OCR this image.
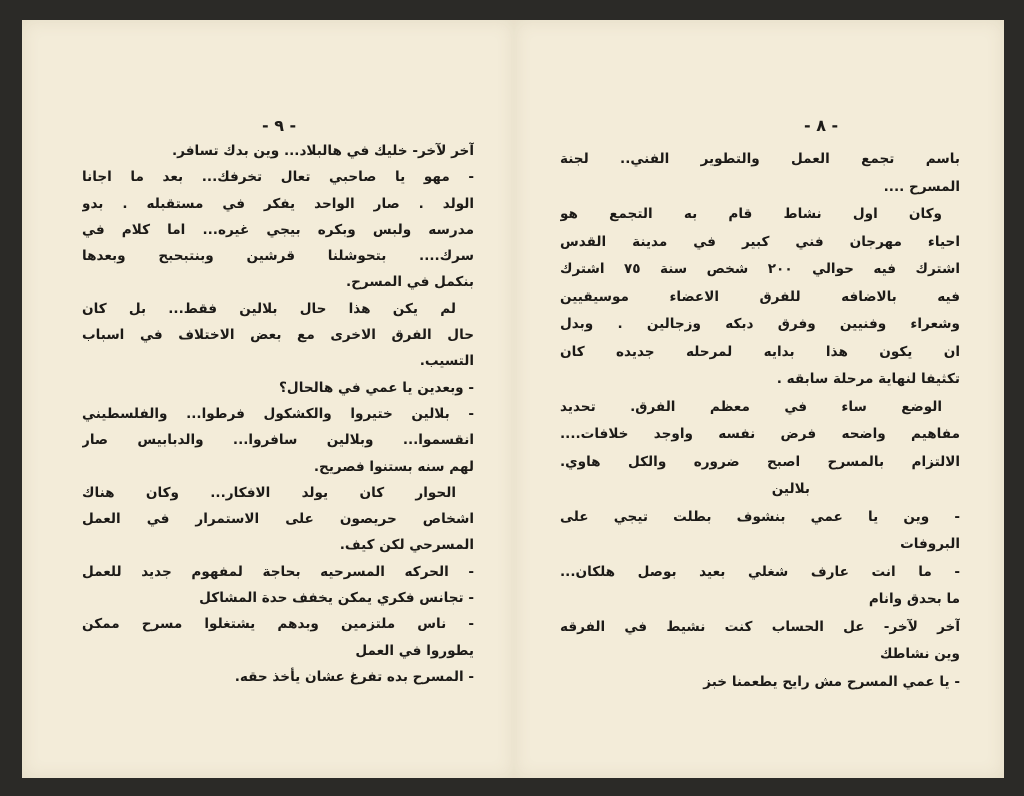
- ٩ -
آخر لآخر- خليك في هالبلاد... وين بدك تسافر.
- مهو يا صاحبي تعال تخرفك... بعد ما اجانا
الولد . صار الواحد يفكر في مستقبله . بدو
مدرسه ولبس وبكره بيجي غيره... اما كلام في
سرك.... بتحوشلنا قرشين وبنتبحبح وبعدها
بنكمل في المسرح.
لم يكن هذا حال بلالين فقط... بل كان
حال الفرق الاخرى مع بعض الاختلاف في اسباب
التسيب.
- وبعدين يا عمي في هالحال؟
- بلالين ختيروا والكشكول فرطوا... والفلسطيني
انقسموا... وبلالين سافروا... والدبابيس صار
لهم سنه بستنوا فصريح.
الحوار كان يولد الافكار... وكان هناك
اشخاص حريصون على الاستمرار في العمل
المسرحي لكن كيف.
- الحركه المسرحيه بحاجة لمفهوم جديد للعمل
- تجانس فكري يمكن يخفف حدة المشاكل
- ناس ملتزمين وبدهم يشتغلوا مسرح ممكن
يطوروا في العمل
- المسرح بده تفرغ عشان يأخذ حقه.
- ٨ -
باسم تجمع العمل والتطوير الفني.. لجنة
المسرح ....
وكان اول نشاط قام به التجمع هو
احياء مهرجان فني كبير في مدينة القدس
اشترك فيه حوالي ٢٠٠ شخص سنة ٧٥ اشترك
فيه بالاضافه للفرق الاعضاء موسيقيين
وشعراء وفنيين وفرق دبكه وزجالين . وبدل
ان يكون هذا بدايه لمرحله جديده كان
تكثيفا لنهاية مرحلة سابقه .
الوضع ساء في معظم الفرق. تحديد
مفاهيم واضحه فرض نفسه واوجد خلافات....
الالتزام بالمسرح اصبح ضروره والكل هاوي.
بلالين
- وين يا عمي بنشوف بطلت تيجي على
البروفات
- ما انت عارف شغلي بعيد بوصل هلكان...
ما بحدق وانام
آخر لآخر- عل الحساب كنت نشيط في الفرقه
وين نشاطك
- يا عمي المسرح مش رايح يطعمنا خبز
